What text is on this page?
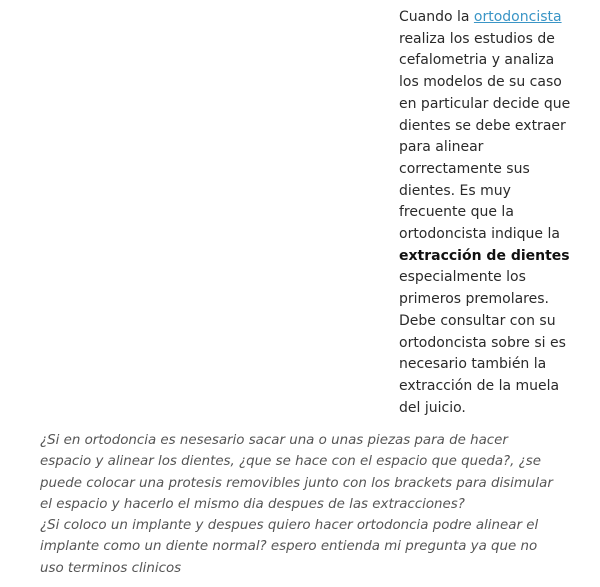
Cuando la ortodoncista
realiza los estudios de
cefalometria y analiza
los modelos de su caso
en particular decide que
dientes se debe extraer
para alinear
correctamente sus
dientes. Es muy
frecuente que la
ortodoncista indique la
extracción de dientes
especialmente los
primeros premolares.
Debe consultar con su
ortodoncista sobre si es
necesario también la
extracción de la muela
del juicio.
¿Si en ortodoncia es nesesario sacar una o unas piezas para de hacer
espacio y alinear los dientes, ¿que se hace con el espacio que queda?, ¿se
puede colocar una protesis removibles junto con los brackets para disimular
el espacio y hacerlo el mismo dia despues de las extracciones?
¿Si coloco un implante y despues quiero hacer ortodoncia podre alinear el
implante como un diente normal? espero entienda mi pregunta ya que no
uso terminos clinicos
